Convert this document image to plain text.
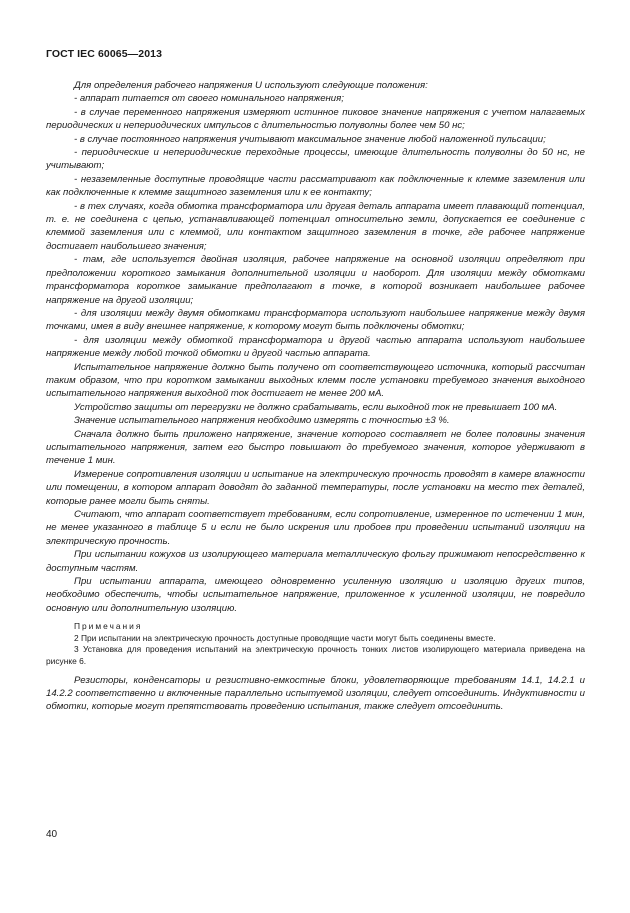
ГОСТ IEC 60065—2013

Для определения рабочего напряжения U используют следующие положения:

- аппарат питается от своего номинального напряжения;

- в случае переменного напряжения измеряют истинное пиковое значение напряжения с учетом налагаемых периодических и непериодических импульсов с длительностью полуволны более чем 50 нс;

- в случае постоянного напряжения учитывают максимальное значение любой наложенной пульсации;

- периодические и непериодические переходные процессы, имеющие длительность полуволны до 50 нс, не учитывают;

- незаземленные доступные проводящие части рассматривают как подключенные к клемме заземления или как подключенные к клемме защитного заземления или к ее контакту;

- в тех случаях, когда обмотка трансформатора или другая деталь аппарата имеет плавающий потенциал, т. е. не соединена с цепью, устанавливающей потенциал относительно земли, допускается ее соединение с клеммой заземления или с клеммой, или контактом защитного заземления в точке, где рабочее напряжение достигает наибольшего значения;

- там, где используется двойная изоляция, рабочее напряжение на основной изоляции определяют при предположении короткого замыкания дополнительной изоляции и наоборот. Для изоляции между обмотками трансформатора короткое замыкание предполагают в точке, в которой возникает наибольшее рабочее напряжение на другой изоляции;

- для изоляции между двумя обмотками трансформатора используют наибольшее напряжение между двумя точками, имея в виду внешнее напряжение, к которому могут быть подключены обмотки;

- для изоляции между обмоткой трансформатора и другой частью аппарата используют наибольшее напряжение между любой точкой обмотки и другой частью аппарата.

Испытательное напряжение должно быть получено от соответствующего источника, который рассчитан таким образом, что при коротком замыкании выходных клемм после установки требуемого значения выходного испытательного напряжения выходной ток достигает не менее 200 мА.

Устройство защиты от перегрузки не должно срабатывать, если выходной ток не превышает 100 мА.

Значение испытательного напряжения необходимо измерять с точностью ±3 %.

Сначала должно быть приложено напряжение, значение которого составляет не более половины значения испытательного напряжения, затем его быстро повышают до требуемого значения, которое удерживают в течение 1 мин.

Измерение сопротивления изоляции и испытание на электрическую прочность проводят в камере влажности или помещении, в котором аппарат доводят до заданной температуры, после установки на место тех деталей, которые ранее могли быть сняты.

Считают, что аппарат соответствует требованиям, если сопротивление, измеренное по истечении 1 мин, не менее указанного в таблице 5 и если не было искрения или пробоев при проведении испытаний изоляции на электрическую прочность.

При испытании кожухов из изолирующего материала металлическую фольгу прижимают непосредственно к доступным частям.

При испытании аппарата, имеющего одновременно усиленную изоляцию и изоляцию других типов, необходимо обеспечить, чтобы испытательное напряжение, приложенное к усиленной изоляции, не повредило основную или дополнительную изоляцию.

Примечания

2 При испытании на электрическую прочность доступные проводящие части могут быть соединены вместе.

3 Установка для проведения испытаний на электрическую прочность тонких листов изолирующего материала приведена на рисунке 6.

Резисторы, конденсаторы и резистивно-емкостные блоки, удовлетворяющие требованиям 14.1, 14.2.1 и 14.2.2 соответственно и включенные параллельно испытуемой изоляции, следует отсоединить. Индуктивности и обмотки, которые могут препятствовать проведению испытания, также следует отсоединить.

40
